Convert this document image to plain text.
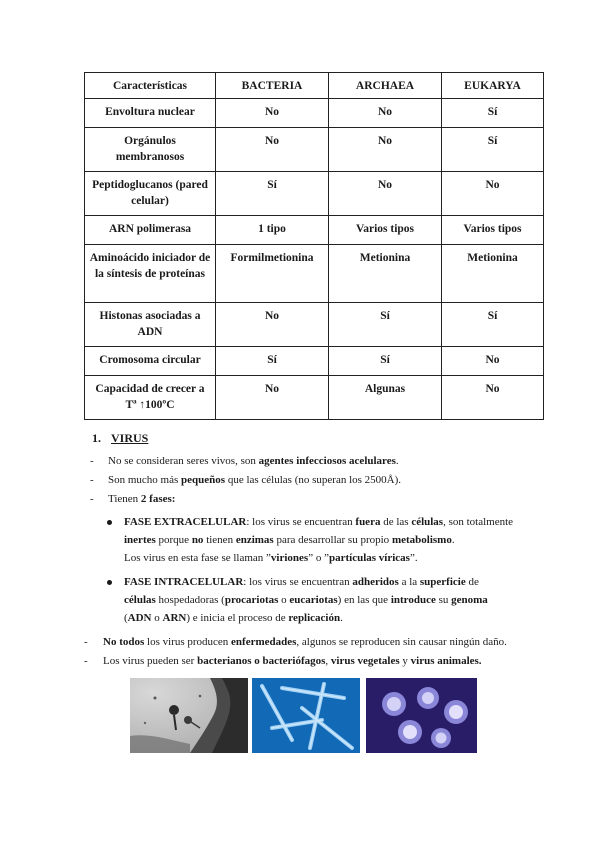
Características	BACTERIA	ARCHAEA	EUKARYA
Envoltura nuclear	No	No	Sí
Orgánulos membranosos	No	No	Sí
Peptidoglucanos (pared celular)	Sí	No	No
ARN polimerasa	1 tipo	Varios tipos	Varios tipos
Aminoácido iniciador de la síntesis de proteínas	Formilmetionina	Metionina	Metionina
Histonas asociadas a ADN	No	Sí	Sí
Cromosoma circular	Sí	Sí	No
Capacidad de crecer a Tª ↑100ºC	No	Algunas	No
1. VIRUS
- No se consideran seres vivos, son agentes infecciosos acelulares.
- Son mucho más pequeños que las células (no superan los 2500Å).
- Tienen 2 fases:
FASE EXTRACELULAR: los virus se encuentran fuera de las células, son totalmente
inertes porque no tienen enzimas para desarrollar su propio metabolismo.
Los virus en esta fase se llaman ”viriones” o ”partículas víricas”.
FASE INTRACELULAR: los virus se encuentran adheridos a la superficie de
células hospedadoras (procariotas o eucariotas) en las que introduce su genoma
(ADN o ARN) e inicia el proceso de replicación.
- No todos los virus producen enfermedades, algunos se reproducen sin causar ningún daño.
- Los virus pueden ser bacterianos o bacteriófagos, virus vegetales y virus animales.
